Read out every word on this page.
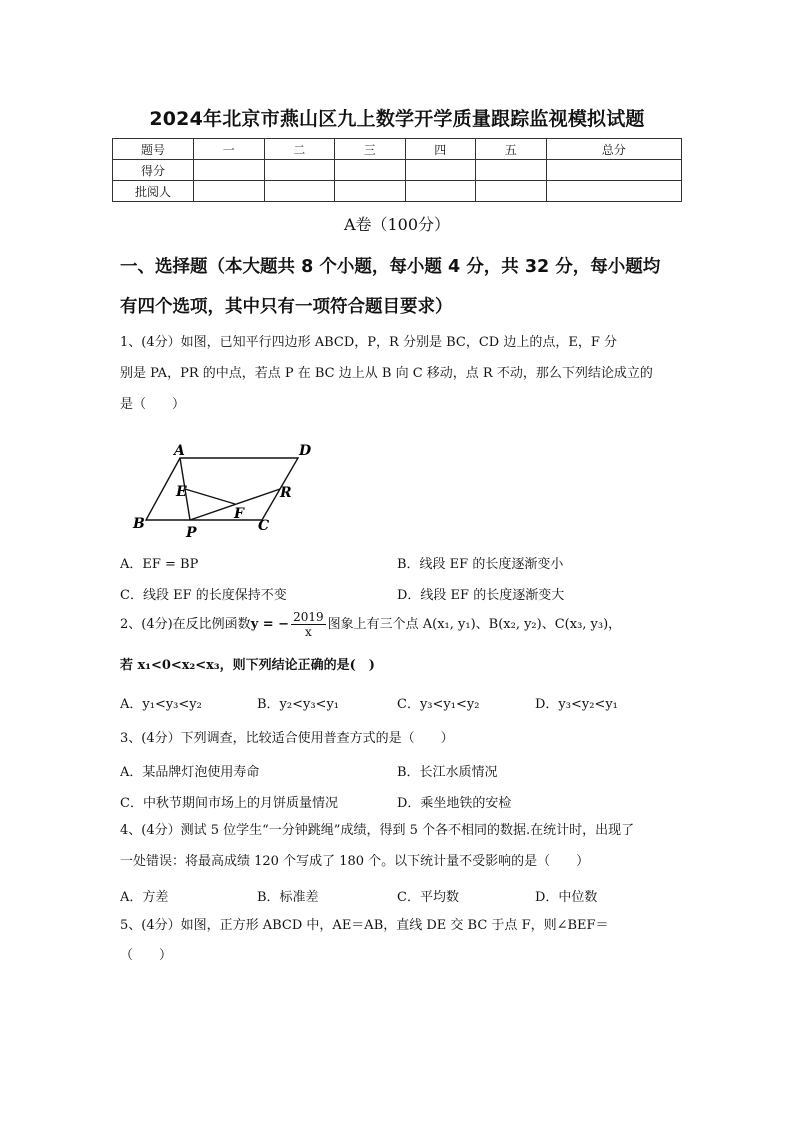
2024年北京市燕山区九上数学开学质量跟踪监视模拟试题
题号	一	二	三	四	五	总分
得分						
批阅人						
A卷（100分）
一、选择题（本大题共 8 个小题，每小题 4 分，共 32 分，每小题均
有四个选项，其中只有一项符合题目要求）
1、(4分）如图，已知平行四边形 ABCD，P，R 分别是 BC，CD 边上的点，E，F 分
别是 PA，PR 的中点，若点 P 在 BC 边上从 B 向 C 移动，点 R 不动，那么下列结论成立的
是（　　）
A	D
E	R
F
B
P	C
A．EF = BP	B．线段 EF 的长度逐渐变小
C．线段 EF 的长度保持不变	D．线段 EF 的长度逐渐变大
2、(4分)在反比例函数y = − $\frac{2019}{x}$ 图象上有三个点 A(x₁, y₁)、B(x₂, y₂)、C(x₃, y₃)，
若 x₁<0<x₂<x₃，则下列结论正确的是(　)
A．y₁<y₃<y₂	B．y₂<y₃<y₁	C．y₃<y₁<y₂	D．y₃<y₂<y₁
3、(4分）下列调查，比较适合使用普查方式的是（　　）
A．某品牌灯泡使用寿命	B．长江水质情况
C．中秋节期间市场上的月饼质量情况	D．乘坐地铁的安检
4、(4分）测试 5 位学生“一分钟跳绳”成绩，得到 5 个各不相同的数据.在统计时，出现了
一处错误：将最高成绩 120 个写成了 180 个。以下统计量不受影响的是（　　）
A．方差	B．标准差	C．平均数	D．中位数
5、(4分）如图，正方形 ABCD 中，AE＝AB，直线 DE 交 BC 于点 F，则∠BEF＝
（　　）
